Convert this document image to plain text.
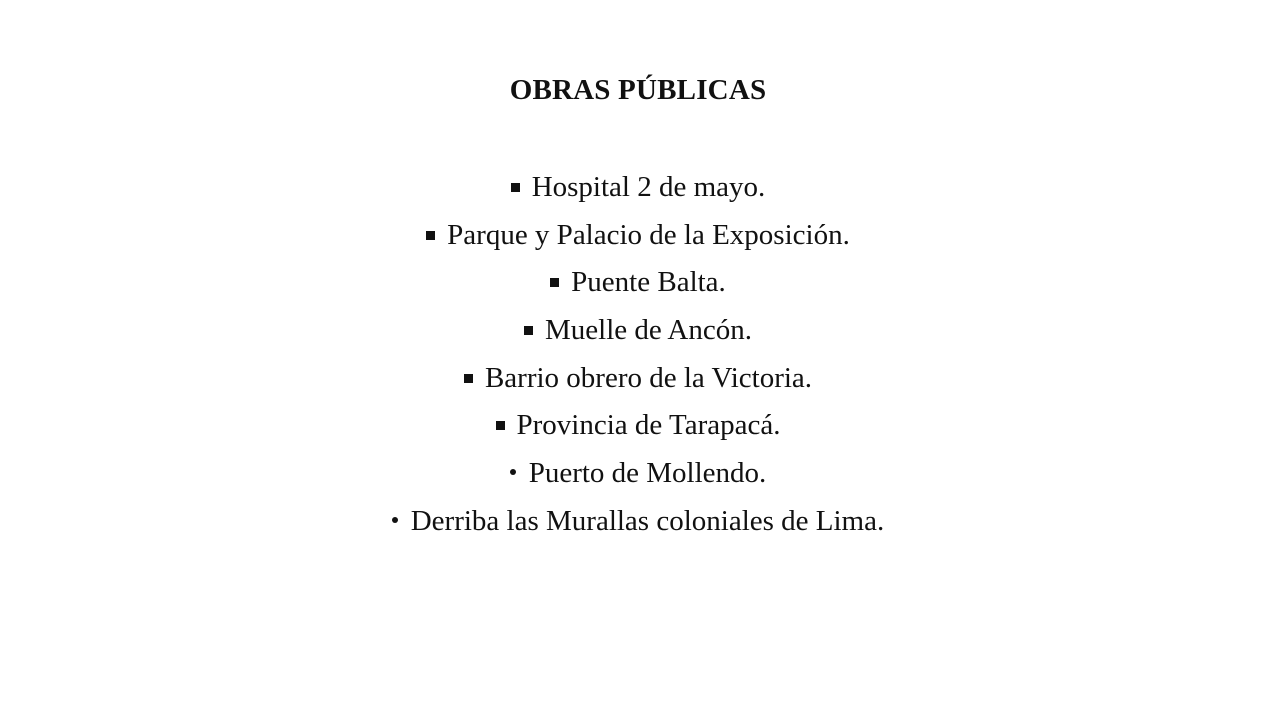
OBRAS PÚBLICAS
Hospital 2 de mayo.
Parque y Palacio de la Exposición.
Puente Balta.
Muelle de Ancón.
Barrio obrero de la Victoria.
Provincia de Tarapacá.
Puerto de Mollendo.
Derriba las Murallas coloniales de Lima.
